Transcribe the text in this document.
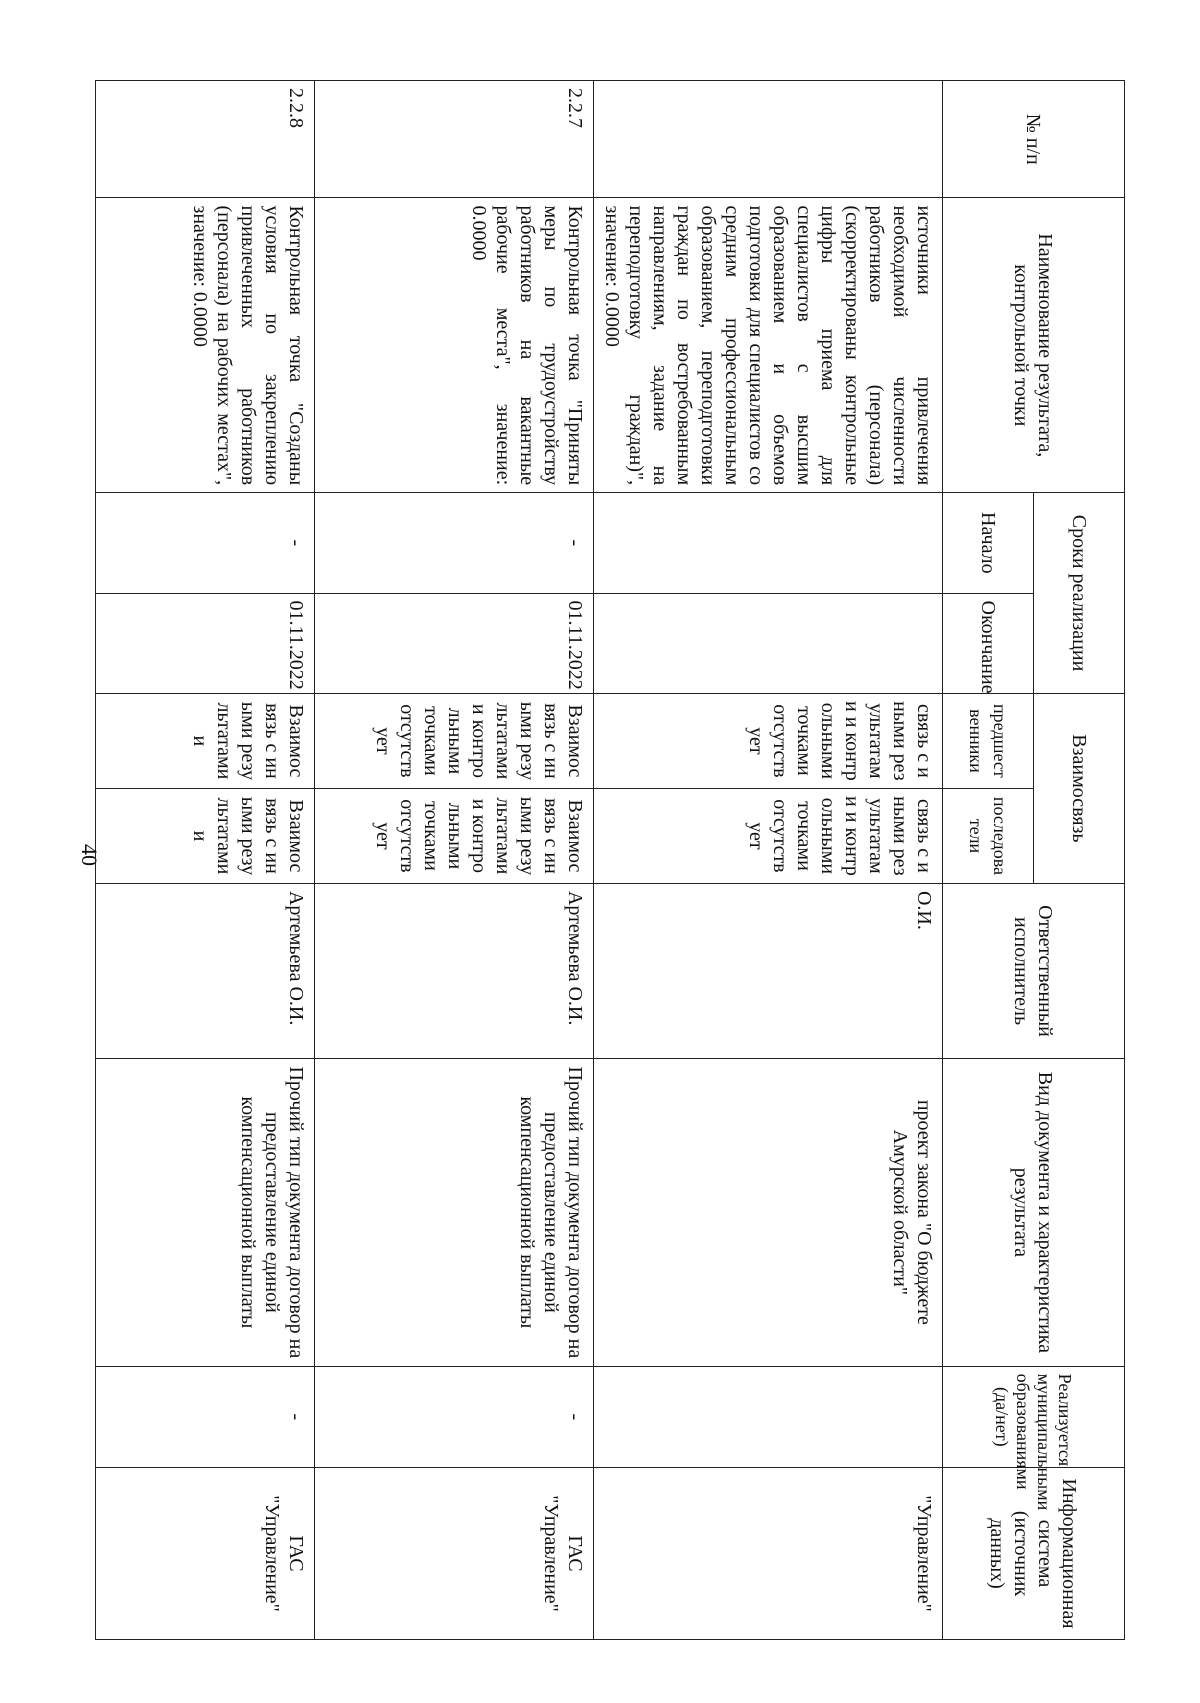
40
№ п/п	Наименование результата, контрольной точки	Сроки реализации		Взаимосвязь		Ответственный исполнитель	Вид документа и характеристика результата	Реализуется муниципальными образованиями (да/нет)	Информационная система (источник данных)
		Начало	Окончание	предшественники	последователи				
	источники привлечения необходимой численности работников (персонала) (скорректированы контрольные цифры приема для специалистов с высшим образованием и объемов подготовки для специалистов со средним профессиональным образованием, переподготовки граждан по востребованным направлениям, задание на переподготовку граждан)", значение: 0.0000			связь с иными результатами и контрольными точками отсутствует	связь с иными результатами и контрольными точками отсутствует	О.И.	проект закона "О бюджете Амурской области"		"Управление"
2.2.7	Контрольная точка "Приняты меры по трудоустройству работников на вакантные рабочие места", значение: 0.0000	-	01.11.2022	Взаимосвязь с иными результатами и контрольными точками отсутствует	Взаимосвязь с иными результатами и контрольными точками отсутствует	Артемьева О.И.	Прочий тип документа договор на предоставление единой компенсационной выплаты	-	ГАС "Управление"
2.2.8	Контрольная точка "Созданы условия по закреплению привлеченных работников (персонала) на рабочих местах", значение: 0.0000	-	01.11.2022	Взаимосвязь с иными результатами и	Взаимосвязь с иными результатами и	Артемьева О.И.	Прочий тип документа договор на предоставление единой компенсационной выплаты	-	ГАС "Управление"
